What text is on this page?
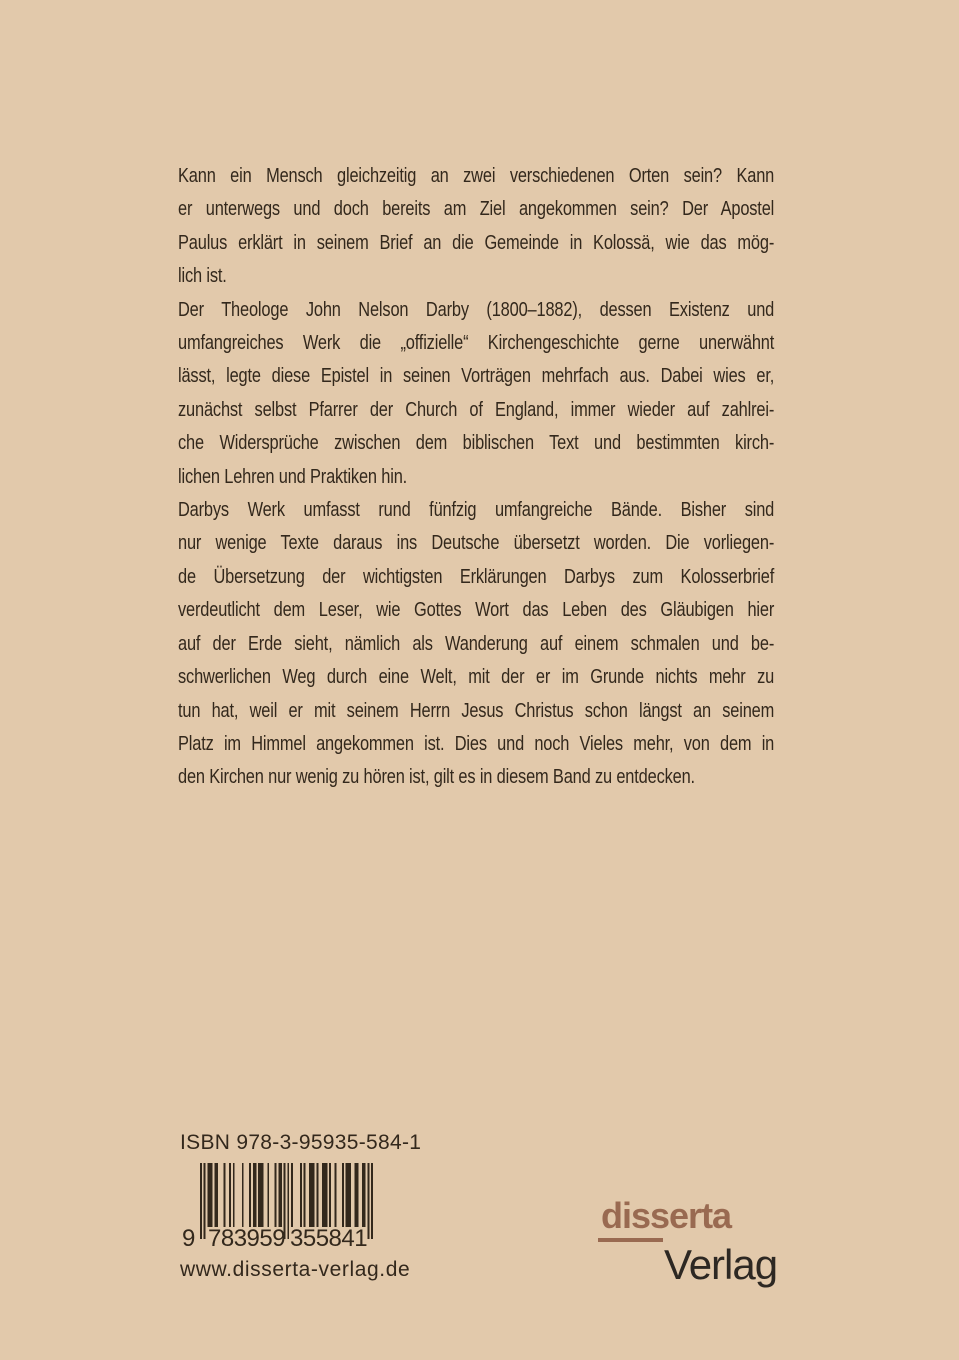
Kann ein Mensch gleichzeitig an zwei verschiedenen Orten sein? Kann
er unterwegs und doch bereits am Ziel angekommen sein? Der Apostel
Paulus erklärt in seinem Brief an die Gemeinde in Kolossä, wie das mög-
lich ist.
Der Theologe John Nelson Darby (1800–1882), dessen Existenz und
umfangreiches Werk die „offizielle“ Kirchengeschichte gerne unerwähnt
lässt, legte diese Epistel in seinen Vorträgen mehrfach aus. Dabei wies er,
zunächst selbst Pfarrer der Church of England, immer wieder auf zahlrei-
che Widersprüche zwischen dem biblischen Text und bestimmten kirch-
lichen Lehren und Praktiken hin.
Darbys Werk umfasst rund fünfzig umfangreiche Bände. Bisher sind
nur wenige Texte daraus ins Deutsche übersetzt worden. Die vorliegen-
de Übersetzung der wichtigsten Erklärungen Darbys zum Kolosserbrief
verdeutlicht dem Leser, wie Gottes Wort das Leben des Gläubigen hier
auf der Erde sieht, nämlich als Wanderung auf einem schmalen und be-
schwerlichen Weg durch eine Welt, mit der er im Grunde nichts mehr zu
tun hat, weil er mit seinem Herrn Jesus Christus schon längst an seinem
Platz im Himmel angekommen ist. Dies und noch Vieles mehr, von dem in
den Kirchen nur wenig zu hören ist, gilt es in diesem Band zu entdecken.
ISBN 978-3-95935-584-1
9 783959 355841
www.disserta-verlag.de
disserta
Verlag
